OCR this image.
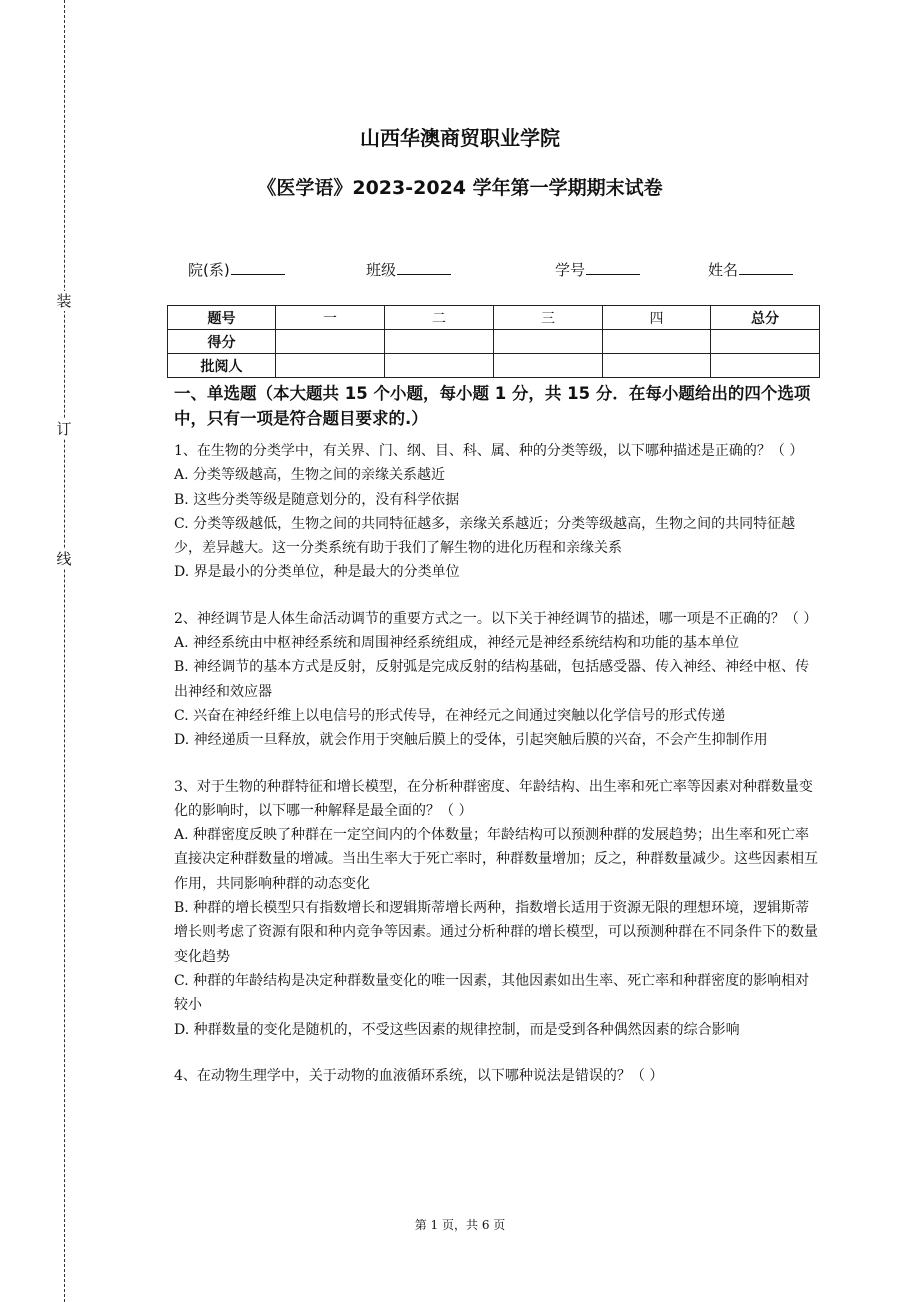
装
订
线
山西华澳商贸职业学院
《医学语》2023-2024 学年第一学期期末试卷
院(系)	班级	学号	姓名
题号	一	二	三	四	总分
得分					
批阅人					

一、单选题（本大题共 15 个小题，每小题 1 分，共 15 分．在每小题给出的四个选项中，只有一项是符合题目要求的.）

1、在生物的分类学中，有关界、门、纲、目、科、属、种的分类等级，以下哪种描述是正确的？（ ）

A. 分类等级越高，生物之间的亲缘关系越近

B. 这些分类等级是随意划分的，没有科学依据

C. 分类等级越低，生物之间的共同特征越多，亲缘关系越近；分类等级越高，生物之间的共同特征越少，差异越大。这一分类系统有助于我们了解生物的进化历程和亲缘关系

D. 界是最小的分类单位，种是最大的分类单位

2、神经调节是人体生命活动调节的重要方式之一。以下关于神经调节的描述，哪一项是不正确的？（ ）

A. 神经系统由中枢神经系统和周围神经系统组成，神经元是神经系统结构和功能的基本单位

B. 神经调节的基本方式是反射，反射弧是完成反射的结构基础，包括感受器、传入神经、神经中枢、传出神经和效应器

C. 兴奋在神经纤维上以电信号的形式传导，在神经元之间通过突触以化学信号的形式传递

D. 神经递质一旦释放，就会作用于突触后膜上的受体，引起突触后膜的兴奋，不会产生抑制作用

3、对于生物的种群特征和增长模型，在分析种群密度、年龄结构、出生率和死亡率等因素对种群数量变化的影响时，以下哪一种解释是最全面的？（ ）

A. 种群密度反映了种群在一定空间内的个体数量；年龄结构可以预测种群的发展趋势；出生率和死亡率直接决定种群数量的增减。当出生率大于死亡率时，种群数量增加；反之，种群数量减少。这些因素相互作用，共同影响种群的动态变化

B. 种群的增长模型只有指数增长和逻辑斯蒂增长两种，指数增长适用于资源无限的理想环境，逻辑斯蒂增长则考虑了资源有限和种内竞争等因素。通过分析种群的增长模型，可以预测种群在不同条件下的数量变化趋势

C. 种群的年龄结构是决定种群数量变化的唯一因素，其他因素如出生率、死亡率和种群密度的影响相对较小

D. 种群数量的变化是随机的，不受这些因素的规律控制，而是受到各种偶然因素的综合影响

4、在动物生理学中，关于动物的血液循环系统，以下哪种说法是错误的？（ ）

第 1 页，共 6 页
